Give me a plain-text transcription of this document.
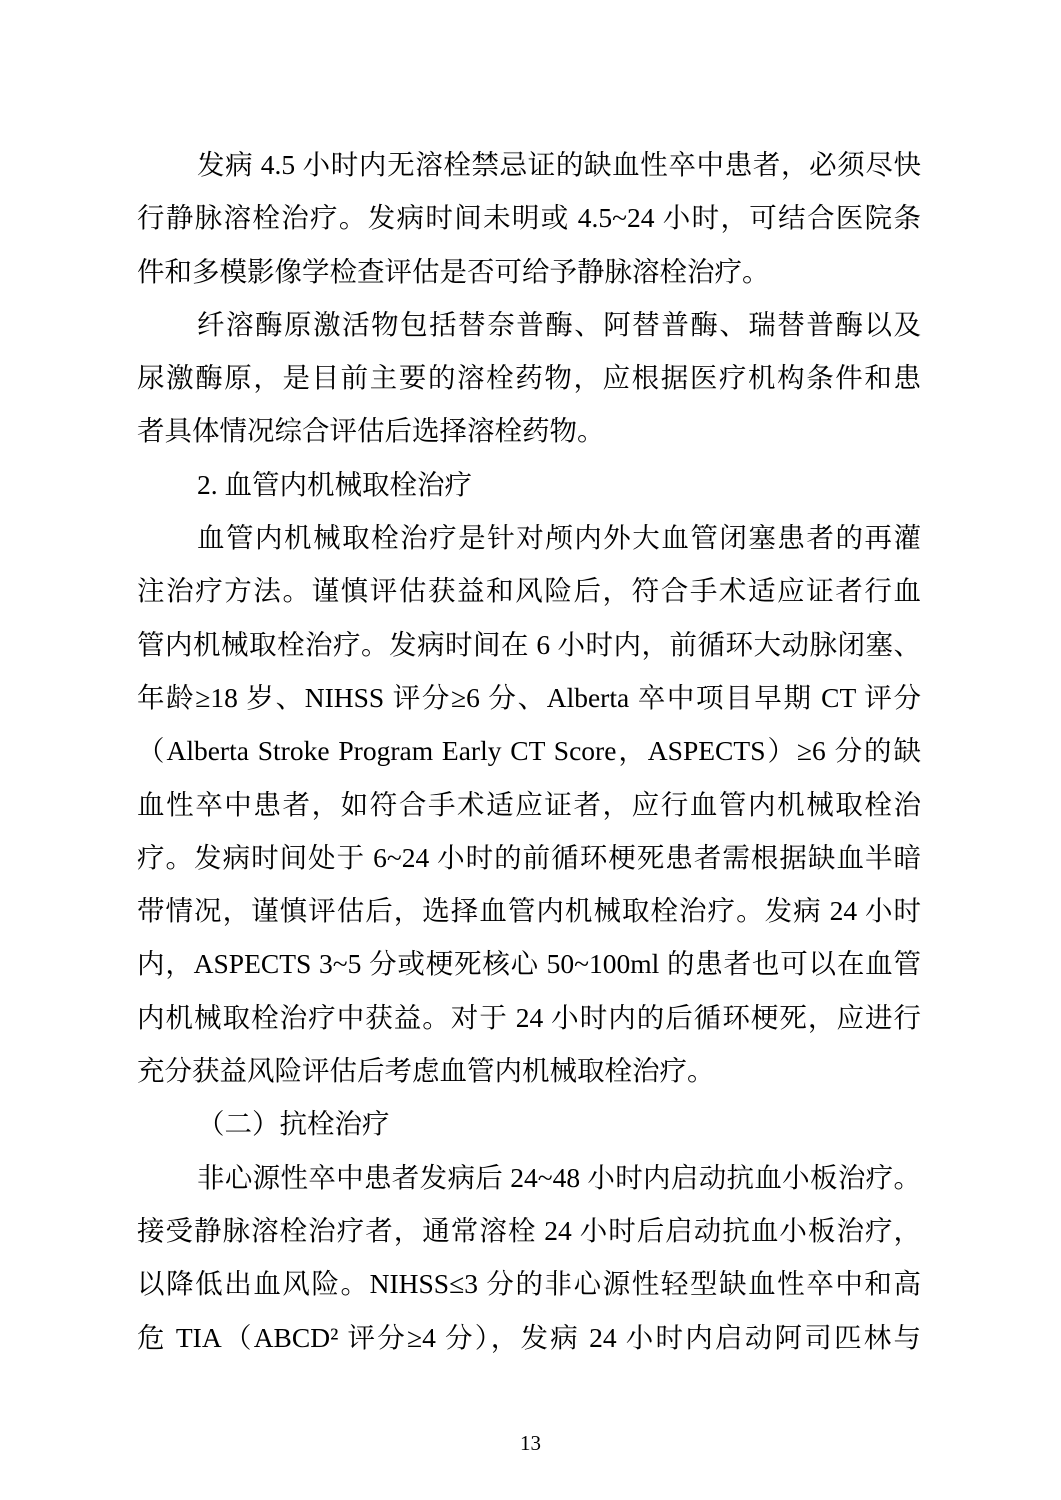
发病 4.5 小时内无溶栓禁忌证的缺血性卒中患者，必须尽快
行静脉溶栓治疗。发病时间未明或 4.5~24 小时，可结合医院条
件和多模影像学检查评估是否可给予静脉溶栓治疗。
纤溶酶原激活物包括替奈普酶、阿替普酶、瑞替普酶以及
尿激酶原，是目前主要的溶栓药物，应根据医疗机构条件和患
者具体情况综合评估后选择溶栓药物。
2. 血管内机械取栓治疗
血管内机械取栓治疗是针对颅内外大血管闭塞患者的再灌
注治疗方法。谨慎评估获益和风险后，符合手术适应证者行血
管内机械取栓治疗。发病时间在 6 小时内，前循环大动脉闭塞、
年龄≥18 岁、NIHSS 评分≥6 分、Alberta 卒中项目早期 CT 评分
（Alberta Stroke Program Early CT Score，ASPECTS）≥6 分的缺
血性卒中患者，如符合手术适应证者，应行血管内机械取栓治
疗。发病时间处于 6~24 小时的前循环梗死患者需根据缺血半暗
带情况，谨慎评估后，选择血管内机械取栓治疗。发病 24 小时
内，ASPECTS 3~5 分或梗死核心 50~100ml 的患者也可以在血管
内机械取栓治疗中获益。对于 24 小时内的后循环梗死，应进行
充分获益风险评估后考虑血管内机械取栓治疗。
（二）抗栓治疗
非心源性卒中患者发病后 24~48 小时内启动抗血小板治疗。
接受静脉溶栓治疗者，通常溶栓 24 小时后启动抗血小板治疗，
以降低出血风险。NIHSS≤3 分的非心源性轻型缺血性卒中和高
危 TIA（ABCD² 评分≥4 分），发病 24 小时内启动阿司匹林与
13
